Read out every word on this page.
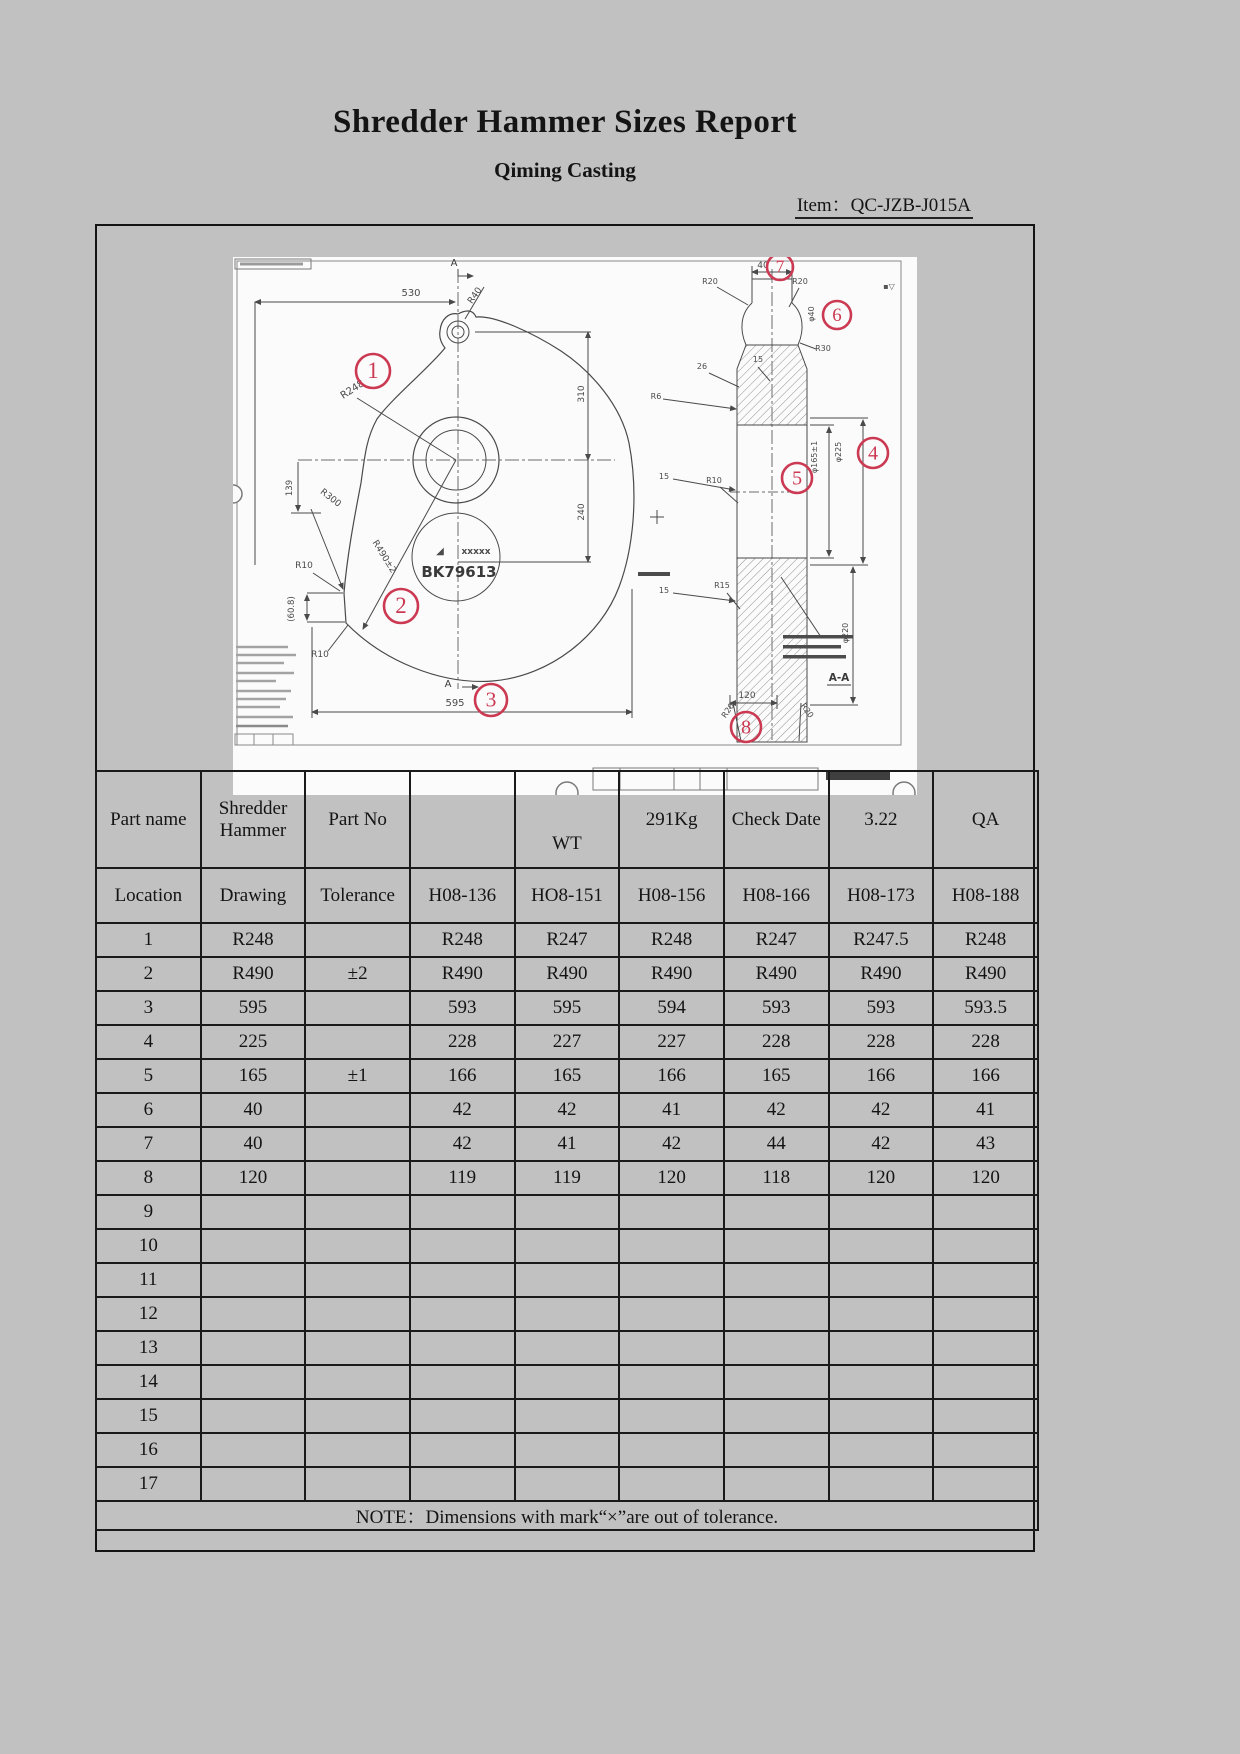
Shredder Hammer Sizes Report
Qiming Casting
Item：QC-JZB-J015A
530	R40
R248	310
240
139	R300
R10
(60.8)
R10
R490±2
595
A
A
◢ xxxxx
BK79613
40
R20	R20
φ40
R30
26
15
R6
15	R10
15
R15
φ165±1 φ225
φ220
A-A
120
R20	R20
▪▽
1
2
3
4
5
6
7
8
Part name	Shredder Hammer	Part No		WT	291Kg	Check Date	3.22	QA
Location	Drawing	Tolerance	H08-136	HO8-151	H08-156	H08-166	H08-173	H08-188
1	R248		R248	R247	R248	R247	R247.5	R248
2	R490	±2	R490	R490	R490	R490	R490	R490
3	595		593	595	594	593	593	593.5
4	225		228	227	227	228	228	228
5	165	±1	166	165	166	165	166	166
6	40		42	42	41	42	42	41
7	40		42	41	42	44	42	43
8	120		119	119	120	118	120	120
9								
10								
11								
12								
13								
14								
15								
16								
17								
NOTE：Dimensions with mark“×”are out of tolerance.								
